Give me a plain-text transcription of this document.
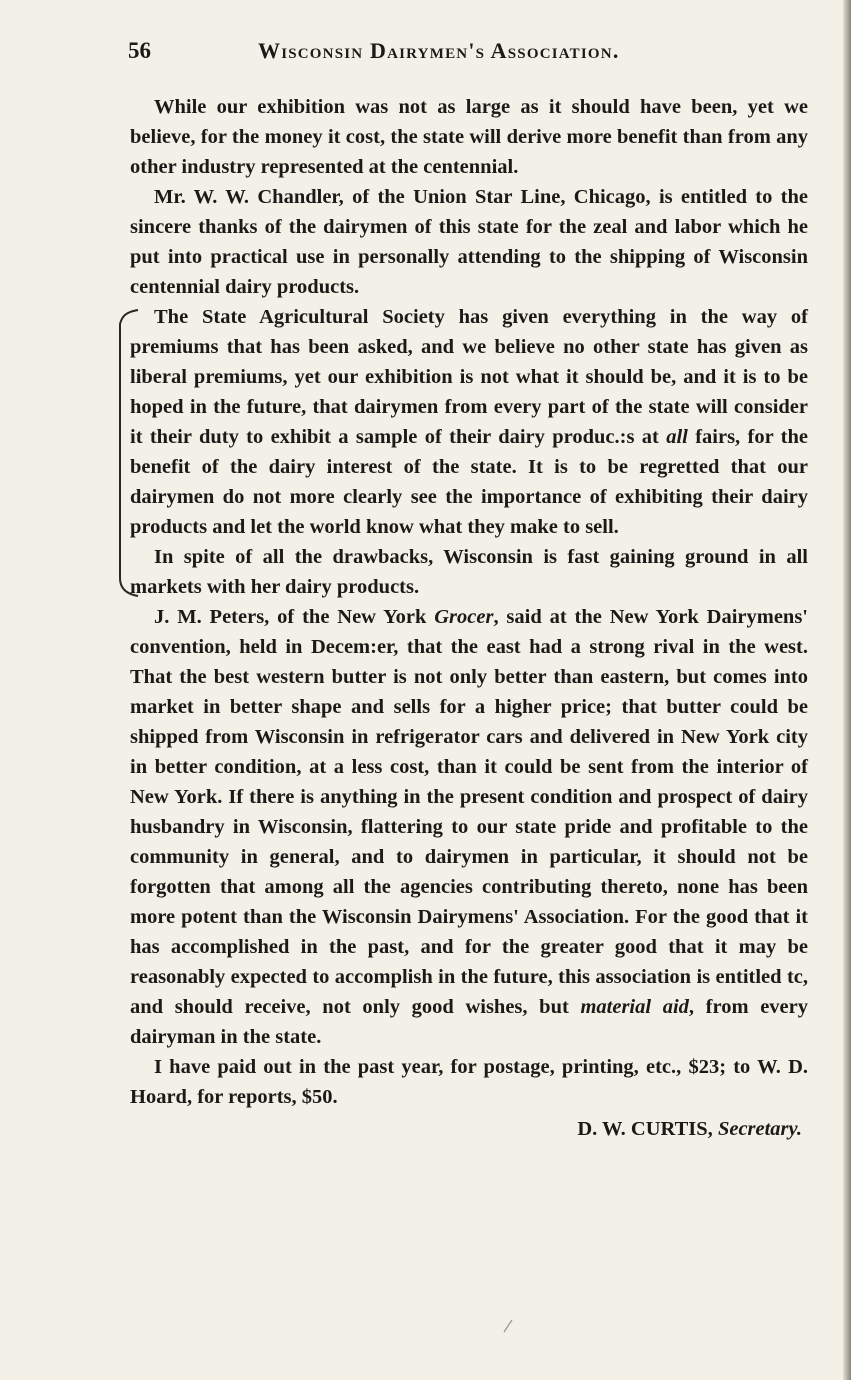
56	Wisconsin Dairymen's Association.

While our exhibition was not as large as it should have been, yet we believe, for the money it cost, the state will derive more benefit than from any other industry represented at the centennial.

Mr. W. W. Chandler, of the Union Star Line, Chicago, is entitled to the sincere thanks of the dairymen of this state for the zeal and labor which he put into practical use in personally attending to the shipping of Wisconsin centennial dairy products.

The State Agricultural Society has given everything in the way of premiums that has been asked, and we believe no other state has given as liberal premiums, yet our exhibition is not what it should be, and it is to be hoped in the future, that dairymen from every part of the state will consider it their duty to exhibit a sample of their dairy produc.:s at all fairs, for the benefit of the dairy interest of the state. It is to be regretted that our dairymen do not more clearly see the importance of exhibiting their dairy products and let the world know what they make to sell.

In spite of all the drawbacks, Wisconsin is fast gaining ground in all markets with her dairy products.

J. M. Peters, of the New York Grocer, said at the New York Dairymens' convention, held in Decem:er, that the east had a strong rival in the west. That the best western butter is not only better than eastern, but comes into market in better shape and sells for a higher price; that butter could be shipped from Wisconsin in refrigerator cars and delivered in New York city in better condition, at a less cost, than it could be sent from the interior of New York. If there is anything in the present condition and prospect of dairy husbandry in Wisconsin, flattering to our state pride and profitable to the community in general, and to dairymen in particular, it should not be forgotten that among all the agencies contributing thereto, none has been more potent than the Wisconsin Dairymens' Association. For the good that it has accomplished in the past, and for the greater good that it may be reasonably expected to accomplish in the future, this association is entitled tc, and should receive, not only good wishes, but material aid, from every dairyman in the state.

I have paid out in the past year, for postage, printing, etc., $23; to W. D. Hoard, for reports, $50.

D. W. CURTIS, Secretary.
